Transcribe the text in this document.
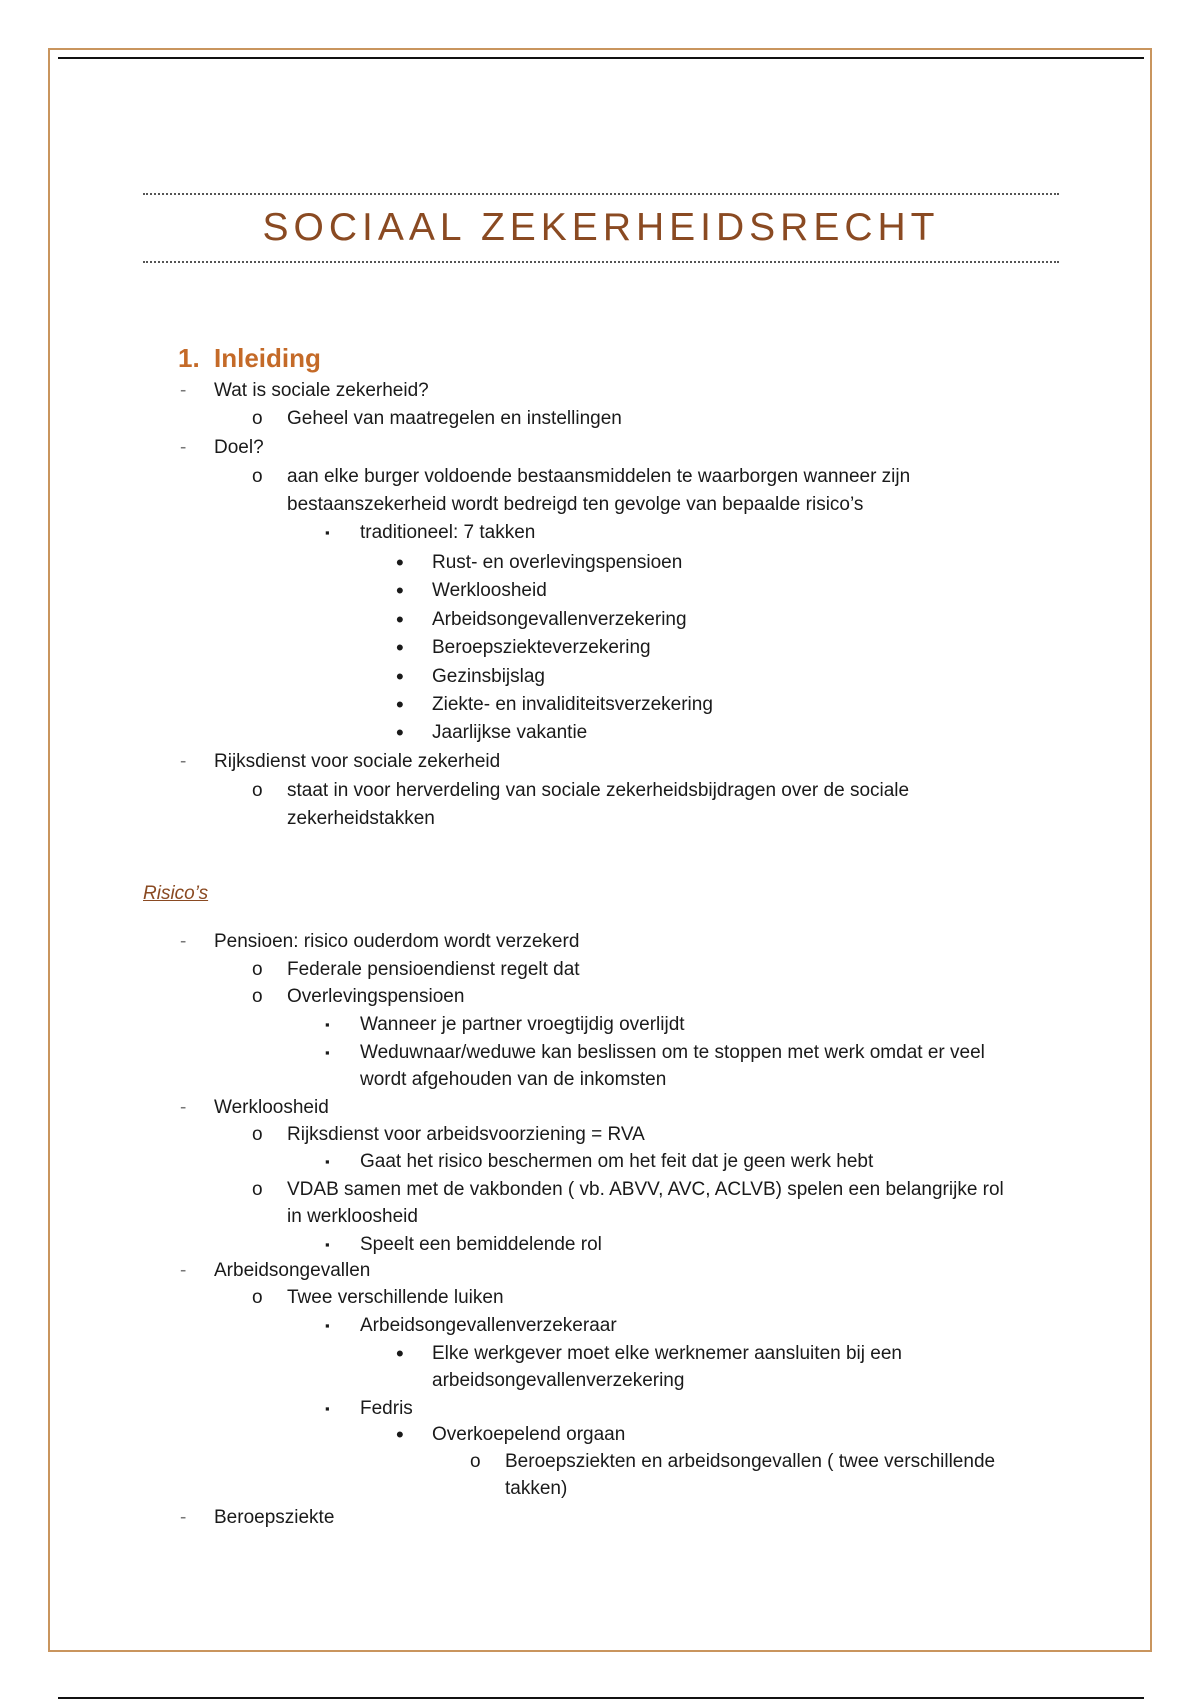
SOCIAAL ZEKERHEIDSRECHT
1. Inleiding
- Wat is sociale zekerheid?
o Geheel van maatregelen en instellingen
- Doel?
o aan elke burger voldoende bestaansmiddelen te waarborgen wanneer zijn
bestaanszekerheid wordt bedreigd ten gevolge van bepaalde risico’s
▪ traditioneel: 7 takken
• Rust- en overlevingspensioen
• Werkloosheid
• Arbeidsongevallenverzekering
• Beroepsziekteverzekering
• Gezinsbijslag
• Ziekte- en invaliditeitsverzekering
• Jaarlijkse vakantie
- Rijksdienst voor sociale zekerheid
o staat in voor herverdeling van sociale zekerheidsbijdragen over de sociale
zekerheidstakken
Risico’s
- Pensioen: risico ouderdom wordt verzekerd
o Federale pensioendienst regelt dat
o Overlevingspensioen
▪ Wanneer je partner vroegtijdig overlijdt
▪ Weduwnaar/weduwe kan beslissen om te stoppen met werk omdat er veel
wordt afgehouden van de inkomsten
- Werkloosheid
o Rijksdienst voor arbeidsvoorziening = RVA
▪ Gaat het risico beschermen om het feit dat je geen werk hebt
o VDAB samen met de vakbonden ( vb. ABVV, AVC, ACLVB) spelen een belangrijke rol
in werkloosheid
▪ Speelt een bemiddelende rol
- Arbeidsongevallen
o Twee verschillende luiken
▪ Arbeidsongevallenverzekeraar
• Elke werkgever moet elke werknemer aansluiten bij een
arbeidsongevallenverzekering
▪ Fedris
• Overkoepelend orgaan
o Beroepsziekten en arbeidsongevallen ( twee verschillende
takken)
- Beroepsziekte
